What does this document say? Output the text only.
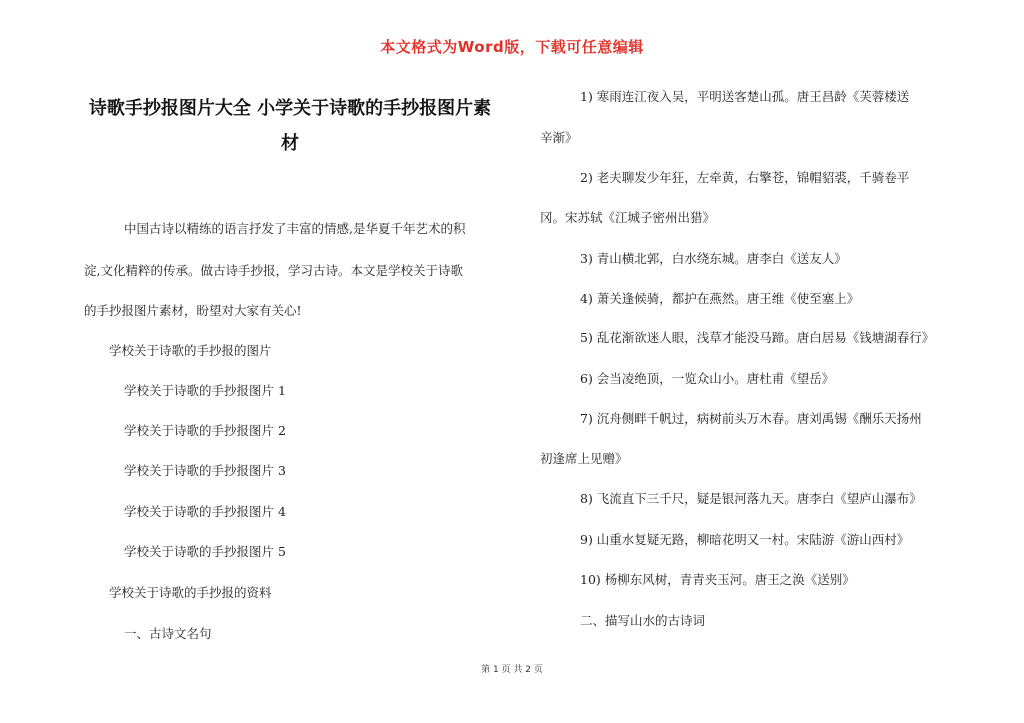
本文格式为Word版，下载可任意编辑
诗歌手抄报图片大全 小学关于诗歌的手抄报图片素
材

中国古诗以精练的语言抒发了丰富的情感,是华夏千年艺术的积

淀,文化精粹的传承。做古诗手抄报，学习古诗。本文是学校关于诗歌

的手抄报图片素材，盼望对大家有关心!

学校关于诗歌的手抄报的图片

学校关于诗歌的手抄报图片 1

学校关于诗歌的手抄报图片 2

学校关于诗歌的手抄报图片 3

学校关于诗歌的手抄报图片 4

学校关于诗歌的手抄报图片 5

学校关于诗歌的手抄报的资料

一、古诗文名句

1) 寒雨连江夜入吴，平明送客楚山孤。唐王昌龄《芙蓉楼送

辛渐》

2) 老夫聊发少年狂，左牵黄，右擎苍，锦帽貂裘，千骑卷平

冈。宋苏轼《江城子密州出猎》

3) 青山横北郭，白水绕东城。唐李白《送友人》

4) 萧关逢候骑，都护在燕然。唐王维《使至塞上》

5) 乱花渐欲迷人眼，浅草才能没马蹄。唐白居易《钱塘湖春行》

6) 会当凌绝顶，一览众山小。唐杜甫《望岳》

7) 沉舟侧畔千帆过，病树前头万木春。唐刘禹锡《酬乐天扬州

初逢席上见赠》

8) 飞流直下三千尺，疑是银河落九天。唐李白《望庐山瀑布》

9) 山重水复疑无路，柳暗花明又一村。宋陆游《游山西村》

10) 杨柳东风树，青青夹玉河。唐王之涣《送别》

二、描写山水的古诗词

第 1 页 共 2 页
